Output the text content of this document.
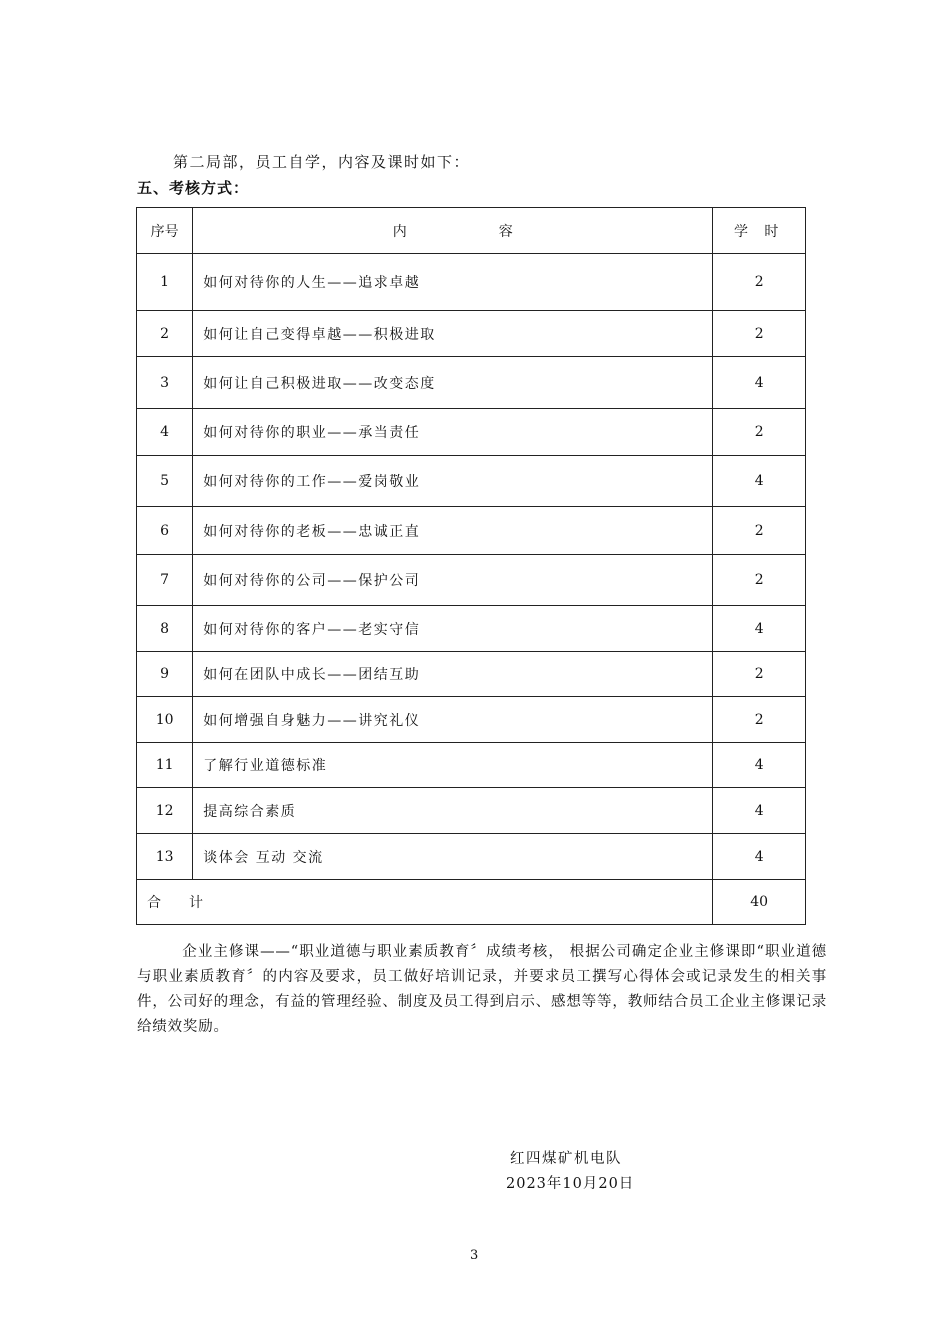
第二局部，员工自学，内容及课时如下：
五、考核方式：
序号	内 容	学 时
1	如何对待你的人生——追求卓越	2
2	如何让自己变得卓越——积极进取	2
3	如何让自己积极进取——改变态度	4
4	如何对待你的职业——承当责任	2
5	如何对待你的工作——爱岗敬业	4
6	如何对待你的老板——忠诚正直	2
7	如何对待你的公司——保护公司	2
8	如何对待你的客户——老实守信	4
9	如何在团队中成长——团结互助	2
10	如何增强自身魅力——讲究礼仪	2
11	了解行业道德标准	4
12	提高综合素质	4
13	谈体会 互动 交流	4
合 计		40
企业主修课——“职业道德与职业素质教育〞成绩考核， 根据公司确定企业主修课即“职业道德与职业素质教育〞的内容及要求，员工做好培训记录，并要求员工撰写心得体会或记录发生的相关事件，公司好的理念，有益的管理经验、制度及员工得到启示、感想等等，教师结合员工企业主修课记录给绩效奖励。
红四煤矿机电队
2023年10月20日
3
